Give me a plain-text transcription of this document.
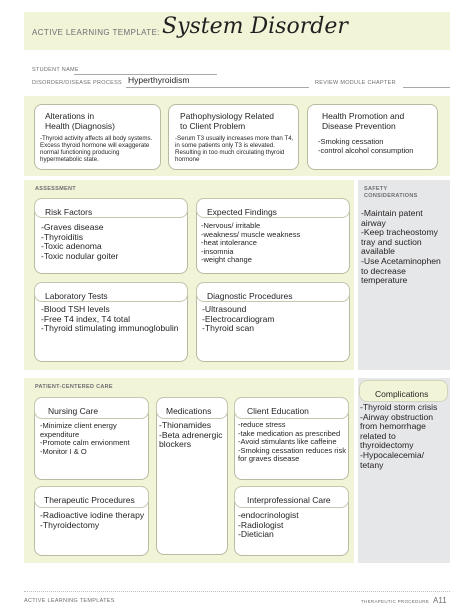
ACTIVE LEARNING TEMPLATE: System Disorder
STUDENT NAME
DISORDER/DISEASE PROCESS Hyperthyroidism	REVIEW MODULE CHAPTER
Alterations in
Health (Diagnosis)
-Thyroid activity affects all body systems. Excess thyroid hormone will exaggerate normal functioning producing hypermetabolic state.
Pathophysiology Related
to Client Problem
-Serum T3 usually increases more than T4, in some patients only T3 is elevated. Resulting in too much circulating thyroid hormone
Health Promotion and
Disease Prevention
-Smoking cessation
-control alcohol consumption
ASSESSMENT
Risk Factors
-Graves disease
-Thyroiditis
-Toxic adenoma
-Toxic nodular goiter
Expected Findings
-Nervous/ irritable
-weakness/ muscle weakness
-heat intolerance
-insomnia
-weight change
Laboratory Tests
-Blood TSH levels
-Free T4 index, T4 total
-Thyroid stimulating immunoglobulin
Diagnostic Procedures
-Ultrasound
-Electrocardiogram
-Thyroid scan
SAFETY
CONSIDERATIONS
-Maintain patent airway
-Keep tracheostomy tray and suction available
-Use Acetaminophen to decrease temperature
PATIENT-CENTERED CARE
Nursing Care
-Minimize client energy expenditure
-Promote calm envionment
-Monitor I & O
Medications
-Thionamides
-Beta adrenergic blockers
Client Education
-reduce stress
-take medication as prescribed
-Avoid stimulants like caffeine
-Smoking cessation reduces risk for graves disease
Therapeutic Procedures
-Radioactive iodine therapy
-Thyroidectomy
Interprofessional Care
-endocrinologist
-Radiologist
-Dietician
Complications
-Thyroid storm crisis
-Airway obstruction from hemorrhage related to thyroidectomy
-Hypocalecemia/ tetany
ACTIVE LEARNING TEMPLATES	THERAPEUTIC PROCEDURE A11
